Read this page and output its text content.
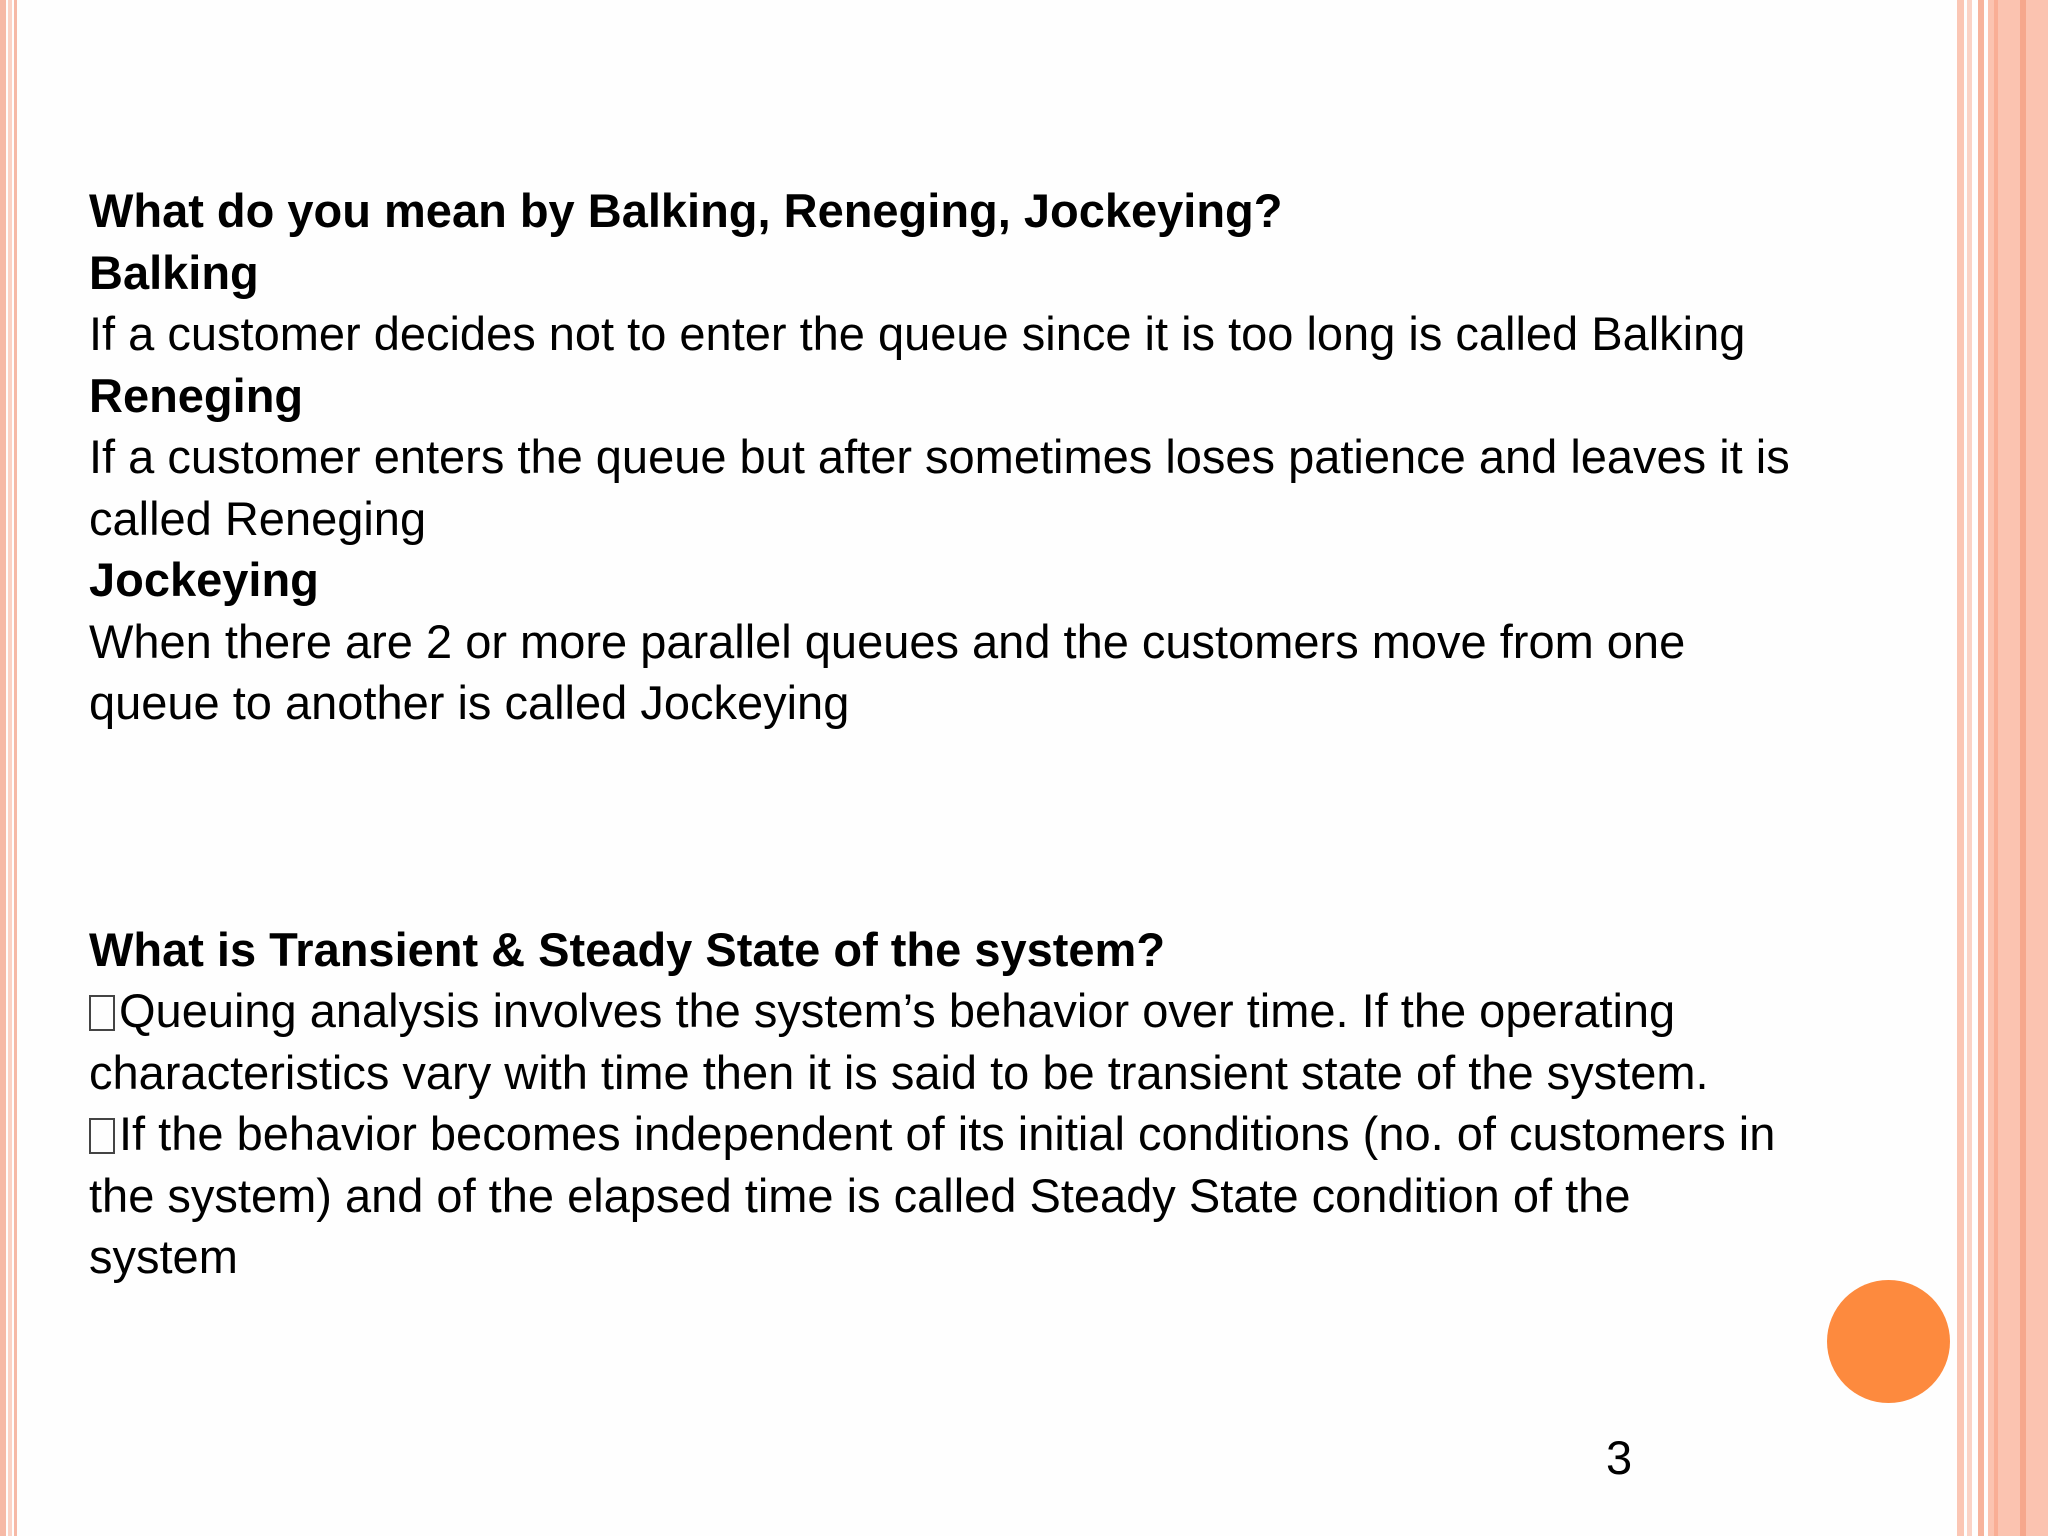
What do you mean by Balking, Reneging, Jockeying?
Balking
If a customer decides not to enter the queue since it is too long is called Balking
Reneging
If a customer enters the queue but after sometimes loses patience and leaves it is
called Reneging
Jockeying
When there are 2 or more parallel queues and the customers move from one
queue to another is called Jockeying
What is Transient & Steady State of the system?
Queuing analysis involves the system’s behavior over time. If the operating
characteristics vary with time then it is said to be transient state of the system.
If the behavior becomes independent of its initial conditions (no. of customers in
the system) and of the elapsed time is called Steady State condition of the
system
3
